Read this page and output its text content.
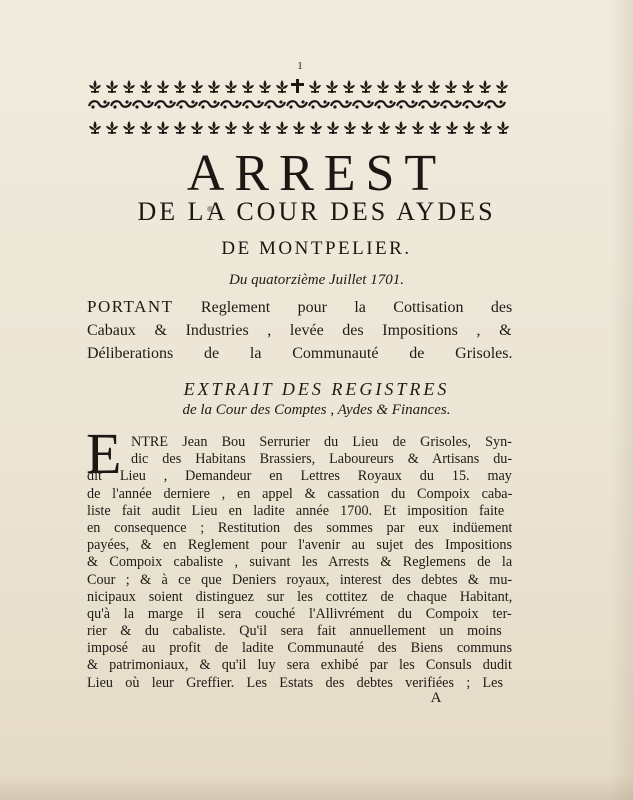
1
ARREST
DE LA COUR DES AYDES
DE MONTPELIER.
Du quatorzième Juillet 1701.
PORTANT Reglement pour la Cottisation des
Cabaux & Industries , levée des Impositions , &
Déliberations de la Communauté de Grisoles.
EXTRAIT DES REGISTRES
de la Cour des Comptes , Aydes & Finances.
E NTRE Jean Bou Serrurier du Lieu de Grisoles, Syn-
dic des Habitans Brassiers, Laboureurs & Artisans du-
dit Lieu , Demandeur en Lettres Royaux du 15. may
de l'année derniere , en appel & cassation du Compoix caba-
liste fait audit Lieu en ladite année 1700. Et imposition faite
en consequence ; Restitution des sommes par eux indüement
payées, & en Reglement pour l'avenir au sujet des Impositions
& Compoix cabaliste , suivant les Arrests & Reglemens de la
Cour ; & à ce que Deniers royaux, interest des debtes & mu-
nicipaux soient distinguez sur les cottitez de chaque Habitant,
qu'à la marge il sera couché l'Allivrément du Compoix ter-
rier & du cabaliste. Qu'il sera fait annuellement un moins
imposé au profit de ladite Communauté des Biens communs
& patrimoniaux, & qu'il luy sera exhibé par les Consuls dudit
Lieu où leur Greffier. Les Estats des debtes verifiées ; Les
A
